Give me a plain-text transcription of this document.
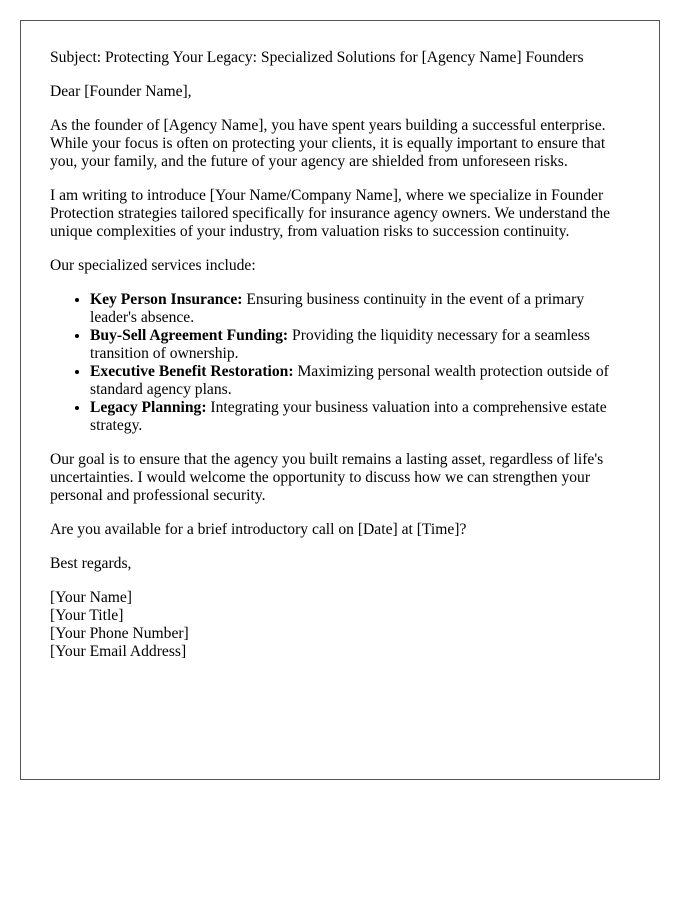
Subject: Protecting Your Legacy: Specialized Solutions for [Agency Name] Founders

Dear [Founder Name],

As the founder of [Agency Name], you have spent years building a successful enterprise. While your focus is often on protecting your clients, it is equally important to ensure that you, your family, and the future of your agency are shielded from unforeseen risks.

I am writing to introduce [Your Name/Company Name], where we specialize in Founder Protection strategies tailored specifically for insurance agency owners. We understand the unique complexities of your industry, from valuation risks to succession continuity.

Our specialized services include:

• Key Person Insurance: Ensuring business continuity in the event of a primary leader's absence.
• Buy-Sell Agreement Funding: Providing the liquidity necessary for a seamless transition of ownership.
• Executive Benefit Restoration: Maximizing personal wealth protection outside of standard agency plans.
• Legacy Planning: Integrating your business valuation into a comprehensive estate strategy.

Our goal is to ensure that the agency you built remains a lasting asset, regardless of life's uncertainties. I would welcome the opportunity to discuss how we can strengthen your personal and professional security.

Are you available for a brief introductory call on [Date] at [Time]?

Best regards,

[Your Name]
[Your Title]
[Your Phone Number]
[Your Email Address]
